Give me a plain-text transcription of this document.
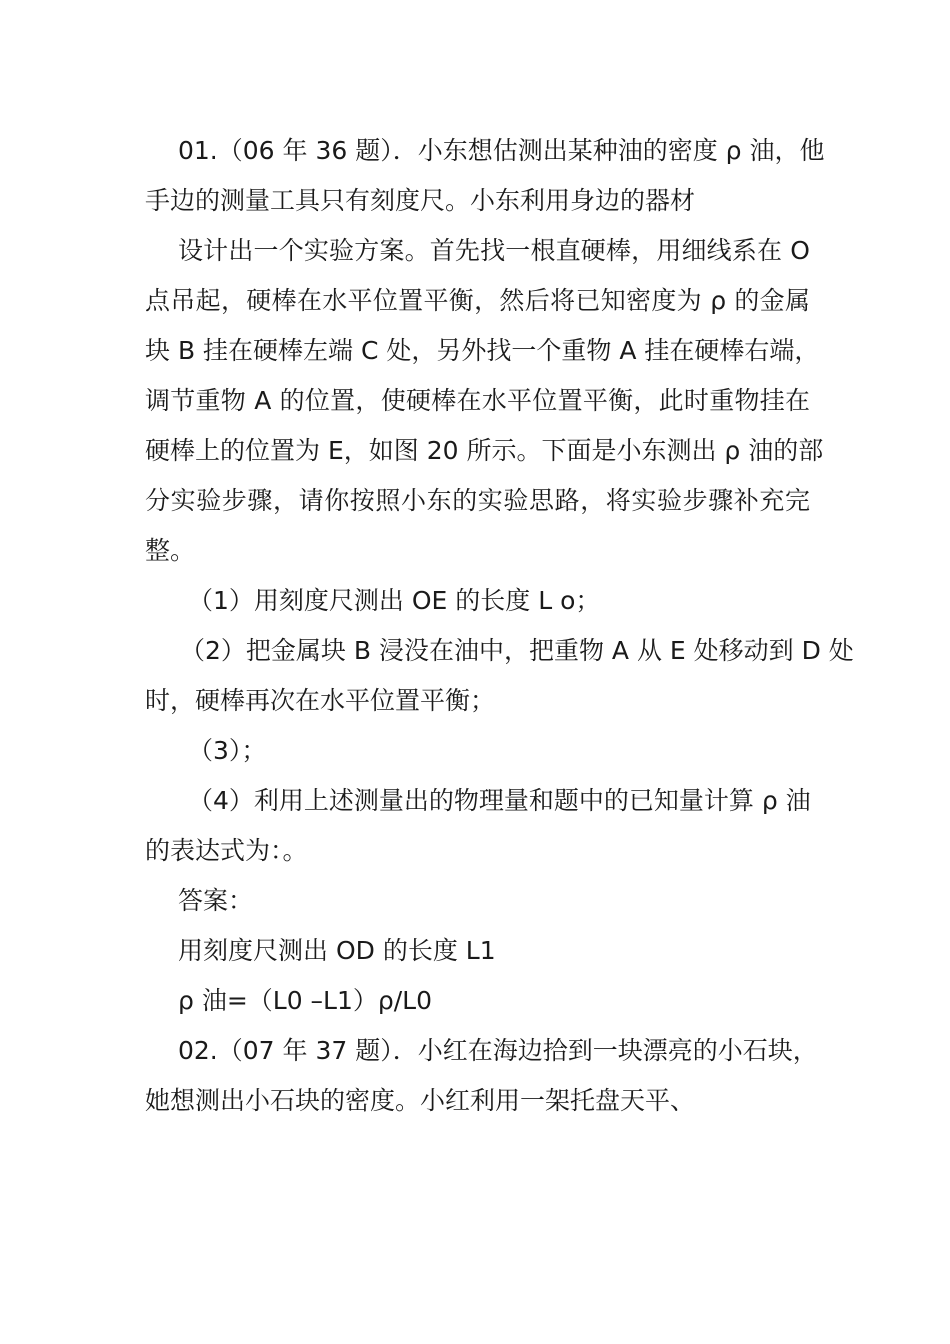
01.（06 年 36 题）．小东想估测出某种油的密度 ρ 油，他
手边的测量工具只有刻度尺。小东利用身边的器材
设计出一个实验方案。首先找一根直硬棒，用细线系在 O
点吊起，硬棒在水平位置平衡，然后将已知密度为 ρ 的金属
块 B 挂在硬棒左端 C 处，另外找一个重物 A 挂在硬棒右端，
调节重物 A 的位置，使硬棒在水平位置平衡，此时重物挂在
硬棒上的位置为 E，如图 20 所示。下面是小东测出 ρ 油的部
分实验步骤，请你按照小东的实验思路，将实验步骤补充完
整。
（1）用刻度尺测出 OE 的长度 L o；
（2）把金属块 B 浸没在油中，把重物 A 从 E 处移动到 D 处
时，硬棒再次在水平位置平衡；
（3）；
（4）利用上述测量出的物理量和题中的已知量计算 ρ 油
的表达式为：。
答案：
用刻度尺测出 OD 的长度 L1
ρ 油=（L0 –L1）ρ/L0
02.（07 年 37 题）．小红在海边拾到一块漂亮的小石块，
她想测出小石块的密度。小红利用一架托盘天平、
